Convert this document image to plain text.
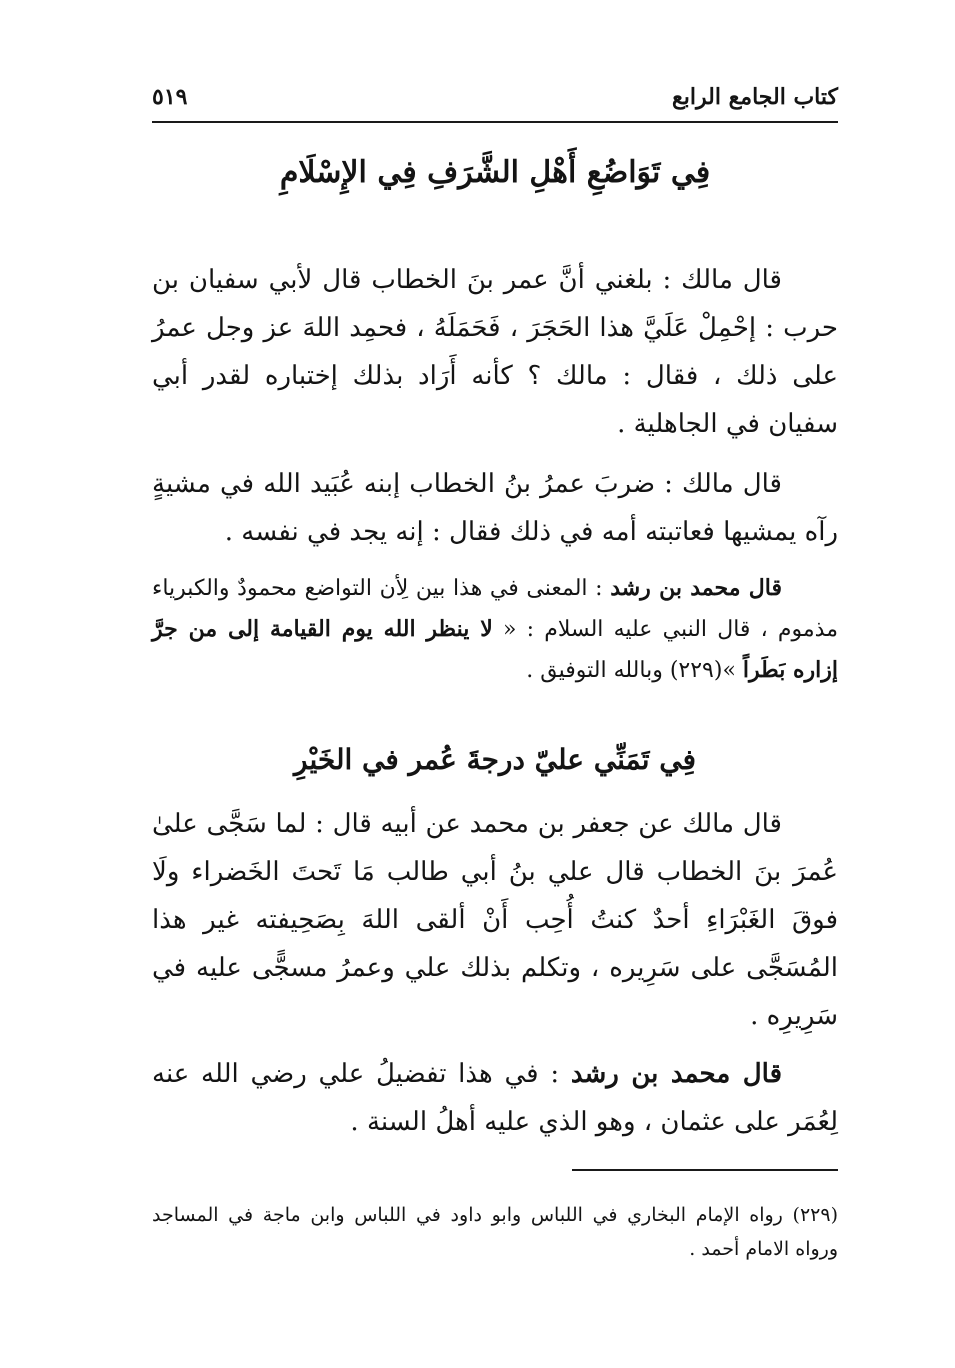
كتاب الجامع الرابع
٥١٩
فِي تَوَاضُعِ أَهْلِ الشَّرَفِ فِي الإِسْلَامِ

قال مالك : بلغني أنَّ عمر بنَ الخطاب قال لأبي سفيان بن حرب : إحْمِلْ عَلَيَّ هذا الحَجَرَ ، فَحَمَلَهُ ، فحمِد اللهَ عز وجل عمرُ على ذلك ، فقال : مالك ؟ كأنه أَرَاد بذلك إختباره لقدر أبي سفيان في الجاهلية .

قال مالك : ضربَ عمرُ بنُ الخطاب إبنه عُبَيد الله في مشيةٍ رآه يمشيها فعاتبته أمه في ذلك فقال : إنه يجد في نفسه .

قال محمد بن رشد : المعنى في هذا بين لِأن التواضع محمودٌ والكبرياء مذموم ، قال النبي عليه السلام : « لا ينظر الله يوم القيامة إلى من جرَّ إزاره بَطَراً »(٢٢٩) وبالله التوفيق .

فِي تَمَنِّي عليّ درجةَ عُمر في الخَيْرِ

قال مالك عن جعفر بن محمد عن أبيه قال : لما سَجَّى علىٰ عُمرَ بنَ الخطاب قال علي بنُ أبي طالب مَا تَحتَ الخَضراء ولَا فوقَ الغَبْرَاءِ أحدٌ كنتُ أُحِب أَنْ ألقى اللهَ بِصَحِيفته غير هذا المُسَجَّى على سَرِيره ، وتكلم بذلك علي وعمرُ مسجًّى عليه في سَرِيرِه .

قال محمد بن رشد : في هذا تفضيلُ علي رضي الله عنه لِعُمَر على عثمان ، وهو الذي عليه أهلُ السنة .

(٢٢٩) رواه الإمام البخاري في اللباس وابو داود في اللباس وابن ماجة في المساجد ورواه الامام أحمد .
